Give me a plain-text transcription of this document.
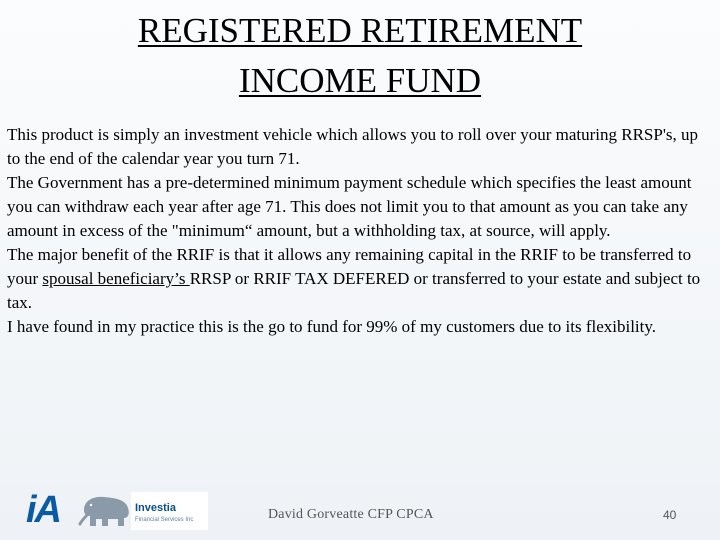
REGISTERED RETIREMENT
INCOME FUND

This product is simply an investment vehicle which allows you to roll over your maturing RRSP's, up to the end of the calendar year you turn 71.

The Government has a pre-determined minimum payment schedule which specifies the least amount you can withdraw each year after age 71. This does not limit you to that amount as you can take any amount in excess of the "minimum“ amount, but a withholding tax, at source, will apply.

The major benefit of the RRIF is that it allows any remaining capital in the RRIF to be transferred to your spousal beneficiary’s RRSP or RRIF TAX DEFERED or transferred to your estate and subject to tax.

I have found in my practice this is the go to fund for 99% of my customers due to its flexibility.

iA	Investia
Financial Services Inc	David Gorveatte CFP CPCA	40
